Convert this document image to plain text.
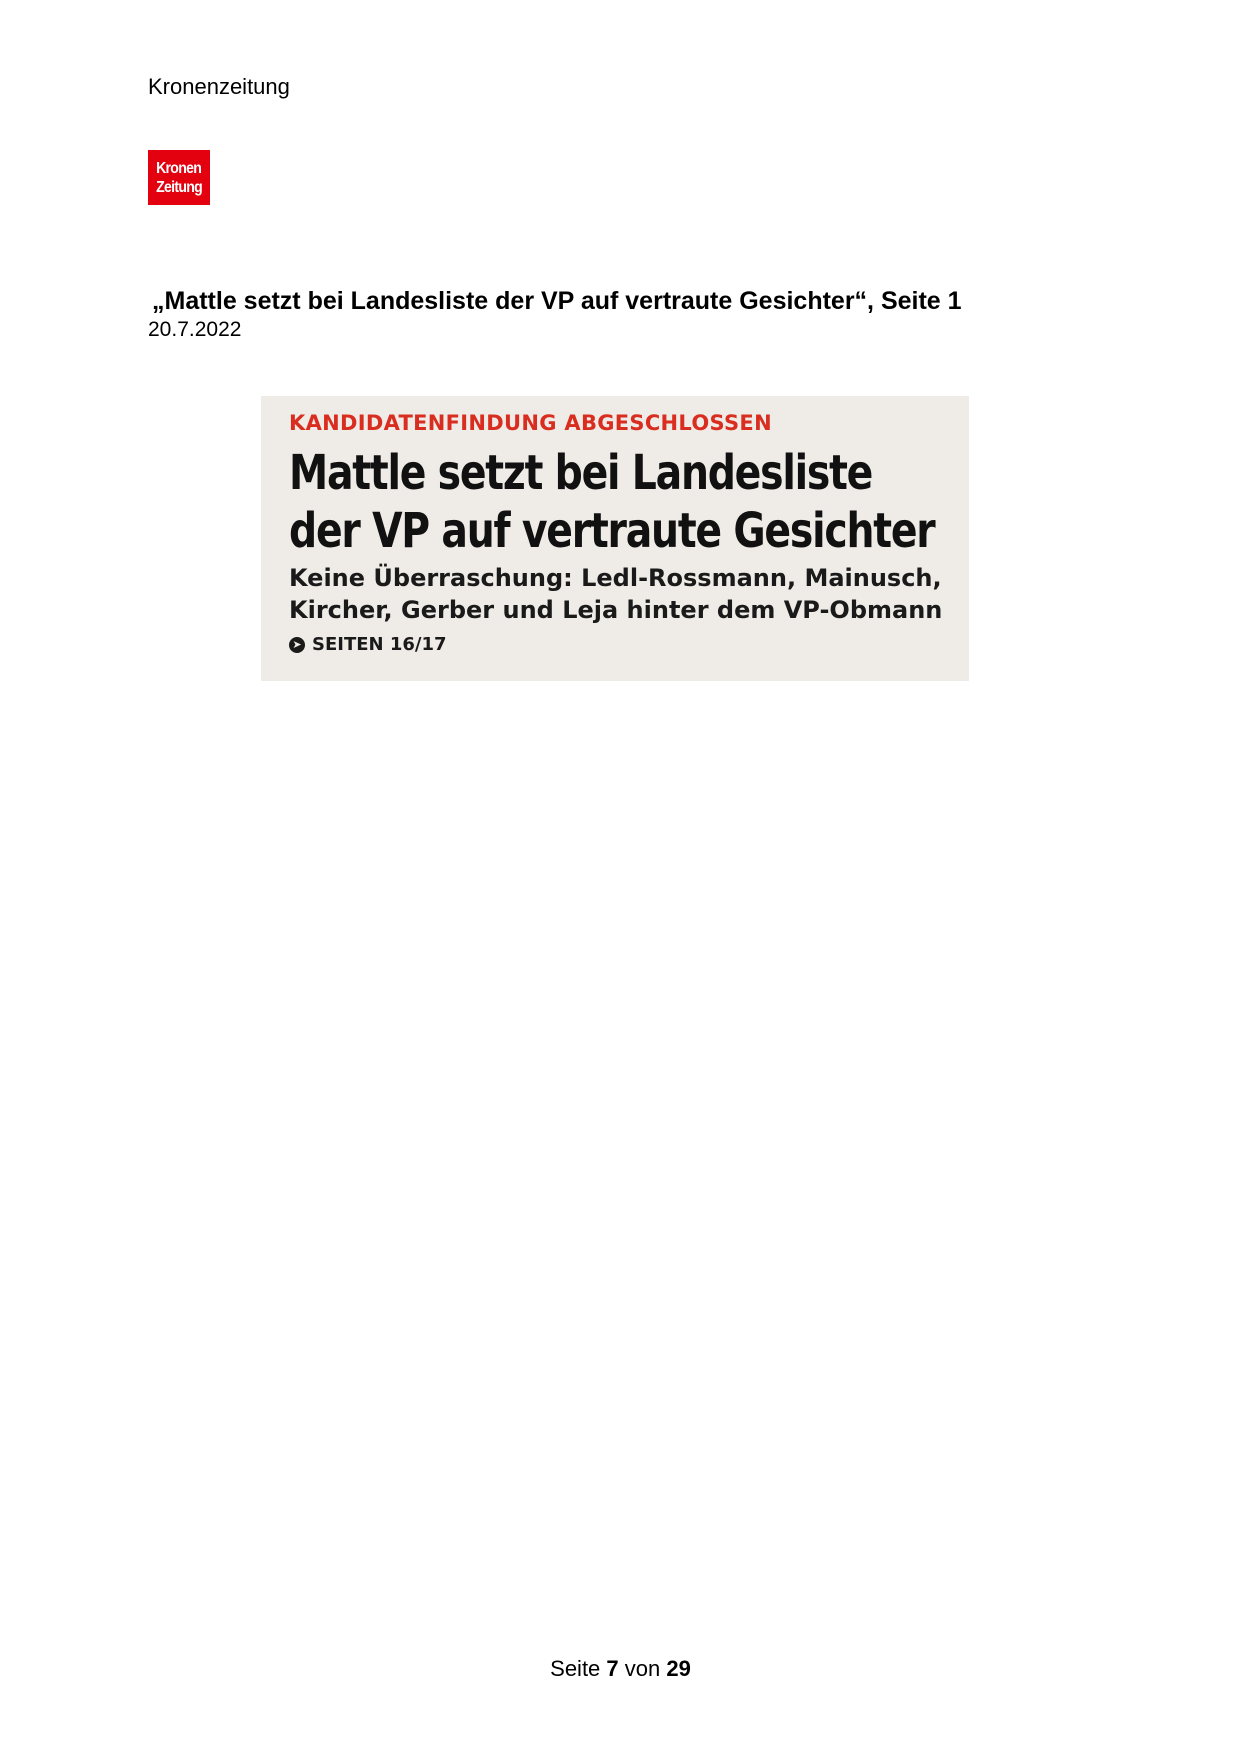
Kronenzeitung
Kronen
Zeitung
„Mattle setzt bei Landesliste der VP auf vertraute Gesichter“, Seite 1
20.7.2022
KANDIDATENFINDUNG ABGESCHLOSSEN
Mattle setzt bei Landesliste
der VP auf vertraute Gesichter
Keine Überraschung: Ledl-Rossmann, Mainusch,
Kircher, Gerber und Leja hinter dem VP-Obmann
➤ SEITEN 16/17
Seite 7 von 29
